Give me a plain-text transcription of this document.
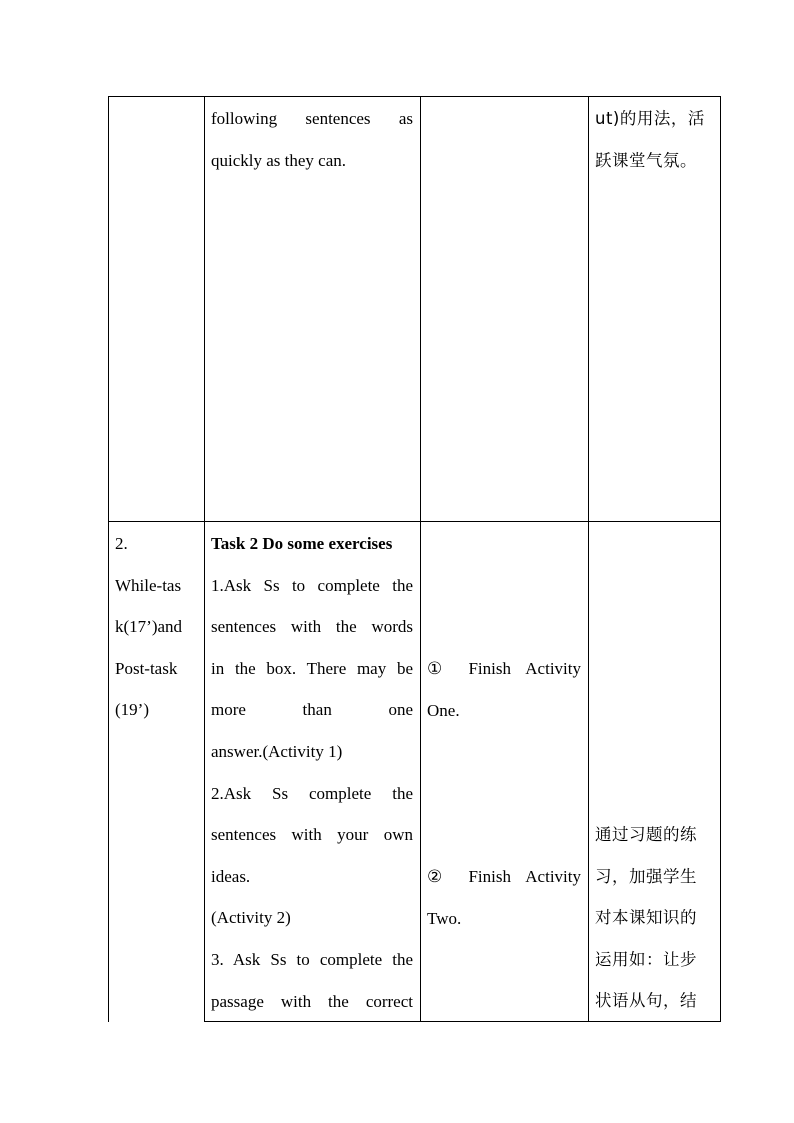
following sentences as
quickly as they can.
ut)的用法，活
跃课堂气氛。
2.
While-tas
k(17’)and
Post-task
(19’)
Task 2 Do some exercises
1.Ask Ss to complete the
sentences with the words
in the box. There may be
more than one
answer.(Activity 1)
2.Ask Ss complete the
sentences with your own
ideas.
(Activity 2)
3. Ask Ss to complete the
passage with the correct
① Finish Activity
One.
② Finish Activity
Two.
通过习题的练
习，加强学生
对本课知识的
运用如：让步
状语从句，结
